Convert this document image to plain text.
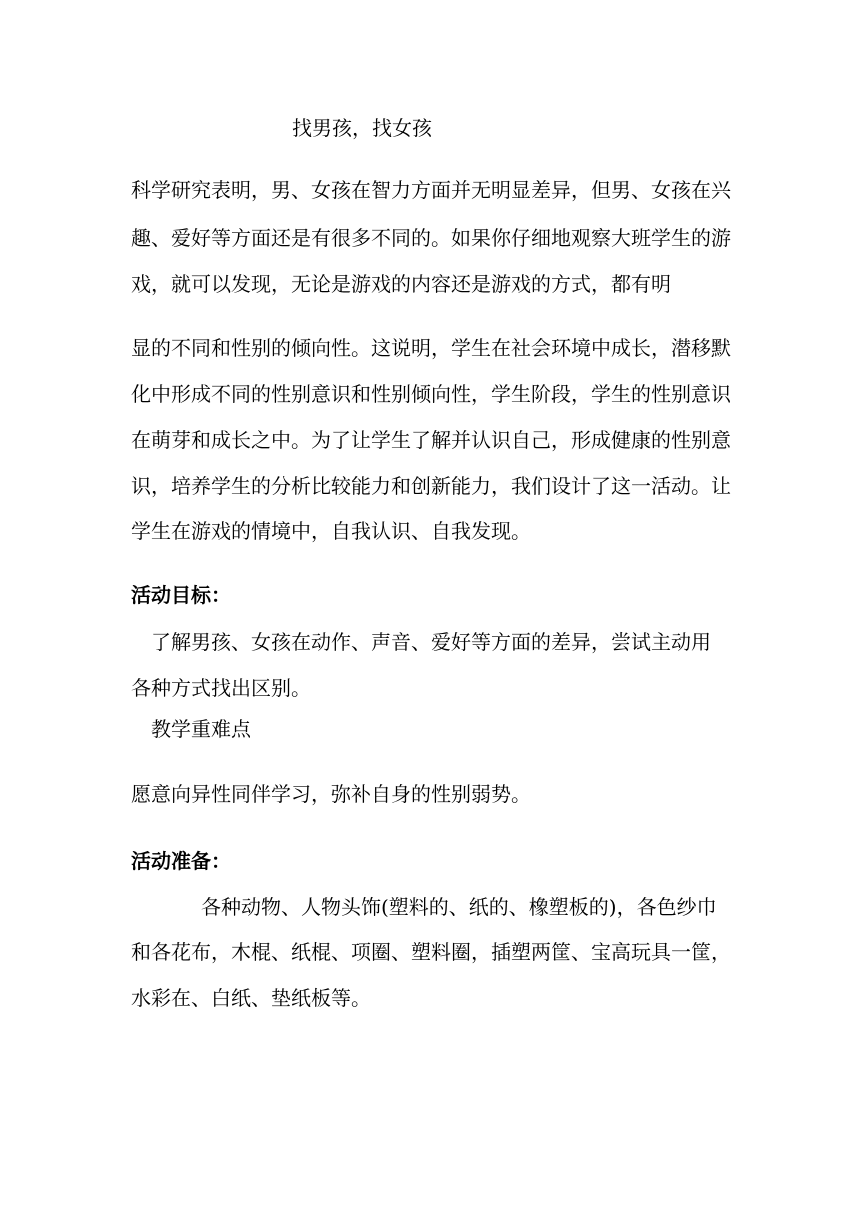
找男孩，找女孩
科学研究表明，男、女孩在智力方面并无明显差异，但男、女孩在兴
趣、爱好等方面还是有很多不同的。如果你仔细地观察大班学生的游
戏，就可以发现，无论是游戏的内容还是游戏的方式，都有明
显的不同和性别的倾向性。这说明，学生在社会环境中成长，潜移默
化中形成不同的性别意识和性别倾向性，学生阶段，学生的性别意识
在萌芽和成长之中。为了让学生了解并认识自己，形成健康的性别意
识，培养学生的分析比较能力和创新能力，我们设计了这一活动。让
学生在游戏的情境中，自我认识、自我发现。
活动目标：
了解男孩、女孩在动作、声音、爱好等方面的差异，尝试主动用
各种方式找出区别。
教学重难点
愿意向异性同伴学习，弥补自身的性别弱势。
活动准备：
各种动物、人物头饰(塑料的、纸的、橡塑板的)，各色纱巾
和各花布，木棍、纸棍、项圈、塑料圈，插塑两筐、宝高玩具一筐，
水彩在、白纸、垫纸板等。
